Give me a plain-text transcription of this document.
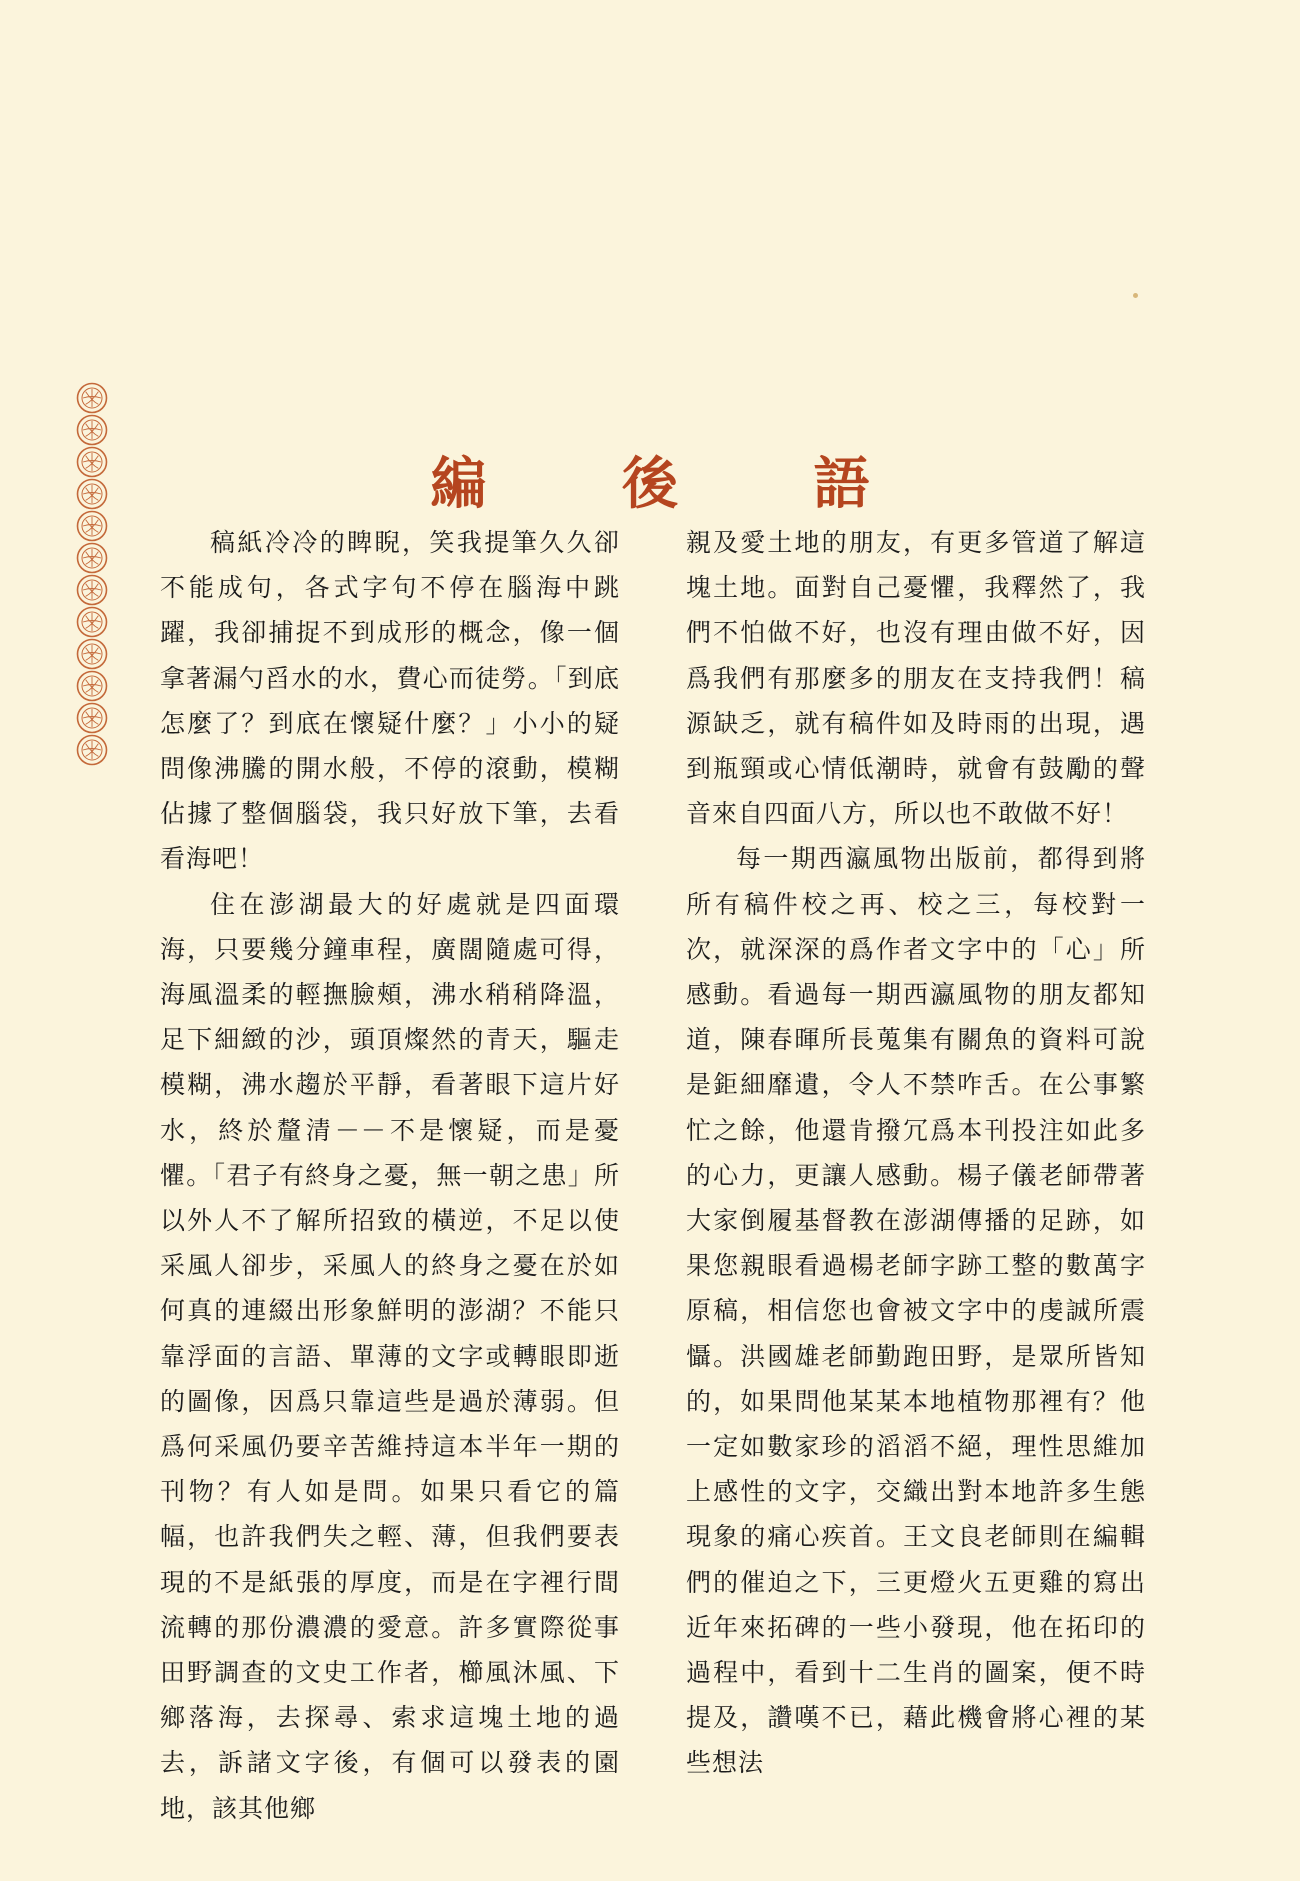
編 後 語

稿紙冷冷的睥睨，笑我提筆久久卻不能成句，各式字句不停在腦海中跳躍，我卻捕捉不到成形的概念，像一個拿著漏勺舀水的水，費心而徒勞。「到底怎麼了？到底在懷疑什麼？」小小的疑問像沸騰的開水般，不停的滾動，模糊佔據了整個腦袋，我只好放下筆，去看看海吧！

住在澎湖最大的好處就是四面環海，只要幾分鐘車程，廣闊隨處可得，海風溫柔的輕撫臉頰，沸水稍稍降溫，足下細緻的沙，頭頂燦然的青天，驅走模糊，沸水趨於平靜，看著眼下這片好水，終於釐清－－不是懷疑，而是憂懼。「君子有終身之憂，無一朝之患」所以外人不了解所招致的橫逆，不足以使采風人卻步，采風人的終身之憂在於如何真的連綴出形象鮮明的澎湖？不能只靠浮面的言語、單薄的文字或轉眼即逝的圖像，因爲只靠這些是過於薄弱。但爲何采風仍要辛苦維持這本半年一期的刊物？有人如是問。如果只看它的篇幅，也許我們失之輕、薄，但我們要表現的不是紙張的厚度，而是在字裡行間流轉的那份濃濃的愛意。許多實際從事田野調查的文史工作者，櫛風沐風、下鄉落海，去探尋、索求這塊土地的過去，訴諸文字後，有個可以發表的園地，該其他鄉

親及愛土地的朋友，有更多管道了解這塊土地。面對自己憂懼，我釋然了，我們不怕做不好，也沒有理由做不好，因爲我們有那麼多的朋友在支持我們！稿源缺乏，就有稿件如及時雨的出現，遇到瓶頸或心情低潮時，就會有鼓勵的聲音來自四面八方，所以也不敢做不好！

每一期西瀛風物出版前，都得到將所有稿件校之再、校之三，每校對一次，就深深的爲作者文字中的「心」所感動。看過每一期西瀛風物的朋友都知道，陳春暉所長蒐集有關魚的資料可說是鉅細靡遺，令人不禁咋舌。在公事繁忙之餘，他還肯撥冗爲本刊投注如此多的心力，更讓人感動。楊子儀老師帶著大家倒履基督教在澎湖傳播的足跡，如果您親眼看過楊老師字跡工整的數萬字原稿，相信您也會被文字中的虔誠所震懾。洪國雄老師勤跑田野，是眾所皆知的，如果問他某某本地植物那裡有？他一定如數家珍的滔滔不絕，理性思維加上感性的文字，交織出對本地許多生態現象的痛心疾首。王文良老師則在編輯們的催迫之下，三更燈火五更雞的寫出近年來拓碑的一些小發現，他在拓印的過程中，看到十二生肖的圖案，便不時提及，讚嘆不已，藉此機會將心裡的某些想法
